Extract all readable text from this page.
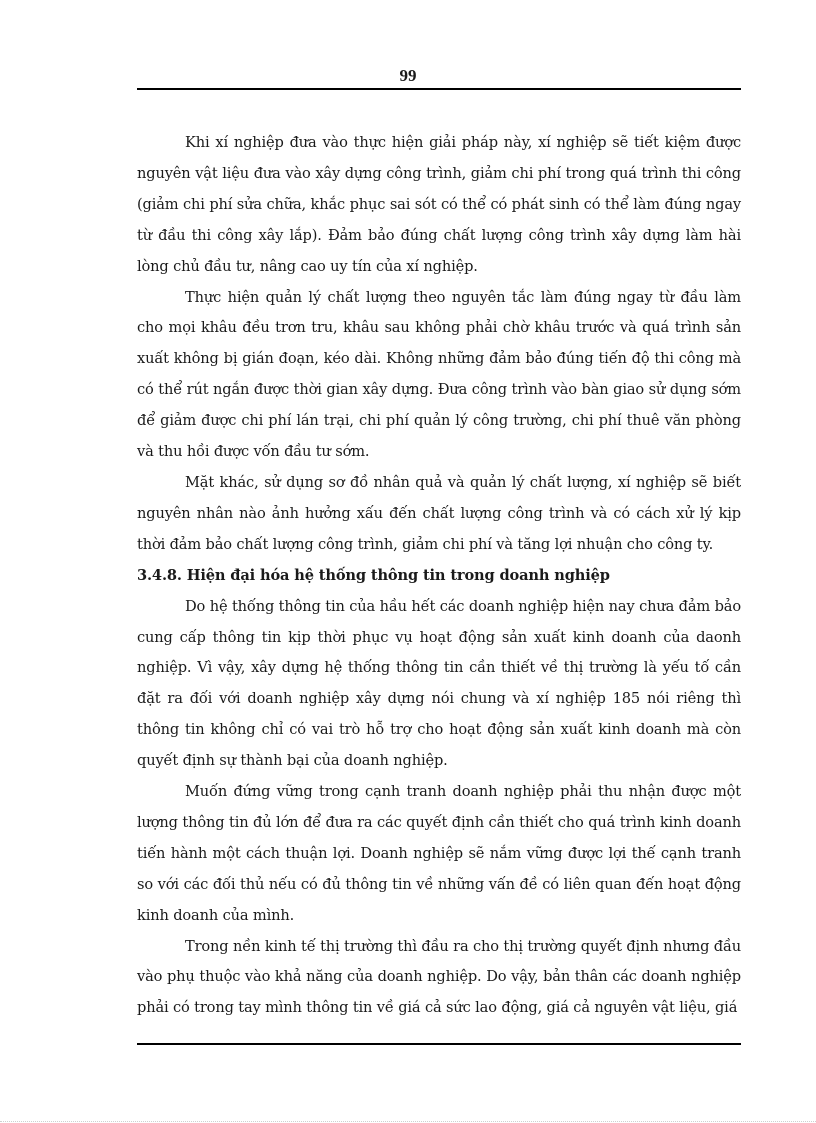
99

Khi xí nghiệp đưa vào thực hiện giải pháp này, xí nghiệp sẽ tiết kiệm được nguyên vật liệu đưa vào xây dựng công trình, giảm chi phí trong quá trình thi công (giảm chi phí sửa chữa, khắc phục sai sót có thể có phát sinh có thể làm đúng ngay từ đầu thi công xây lắp). Đảm bảo đúng chất lượng công trình xây dựng làm hài lòng chủ đầu tư, nâng cao uy tín của xí nghiệp.

Thực hiện quản lý chất lượng theo nguyên tắc làm đúng ngay từ đầu làm cho mọi khâu đều trơn tru, khâu sau không phải chờ khâu trước và quá trình sản xuất không bị gián đoạn, kéo dài. Không những đảm bảo đúng tiến độ thi công mà có thể rút ngắn được thời gian xây dựng. Đưa công trình vào bàn giao sử dụng sớm để giảm được chi phí lán trại, chi phí quản lý công trường, chi phí thuê văn phòng và thu hồi được vốn đầu tư sớm.

Mặt khác, sử dụng sơ đồ nhân quả và quản lý chất lượng, xí nghiệp sẽ biết nguyên nhân nào ảnh hưởng xấu đến chất lượng công trình và có cách xử lý kịp thời đảm bảo chất lượng công trình, giảm chi phí và tăng lợi nhuận cho công ty.

3.4.8. Hiện đại hóa hệ thống thông tin trong doanh nghiệp

Do hệ thống thông tin của hầu hết các doanh nghiệp hiện nay chưa đảm bảo cung cấp thông tin kịp thời phục vụ hoạt động sản xuất kinh doanh của daonh nghiệp. Vì vậy, xây dựng hệ thống thông tin cần thiết về thị trường là yếu tố cần đặt ra đối với doanh nghiệp xây dựng nói chung và xí nghiệp 185 nói riêng thì thông tin không chỉ có vai trò hỗ trợ cho hoạt động sản xuất kinh doanh mà còn quyết định sự thành bại của doanh nghiệp.

Muốn đứng vững trong cạnh tranh doanh nghiệp phải thu nhận được một lượng thông tin đủ lớn để đưa ra các quyết định cần thiết cho quá trình kinh doanh tiến hành một cách thuận lợi. Doanh nghiệp sẽ nắm vững được lợi thế cạnh tranh so với các đối thủ nếu có đủ thông tin về những vấn đề có liên quan đến hoạt động kinh doanh của mình.

Trong nền kinh tế thị trường thì đầu ra cho thị trường quyết định nhưng đầu vào phụ thuộc vào khả năng của doanh nghiệp. Do vậy, bản thân các doanh nghiệp phải có trong tay mình thông tin về giá cả sức lao động, giá cả nguyên vật liệu, giá
